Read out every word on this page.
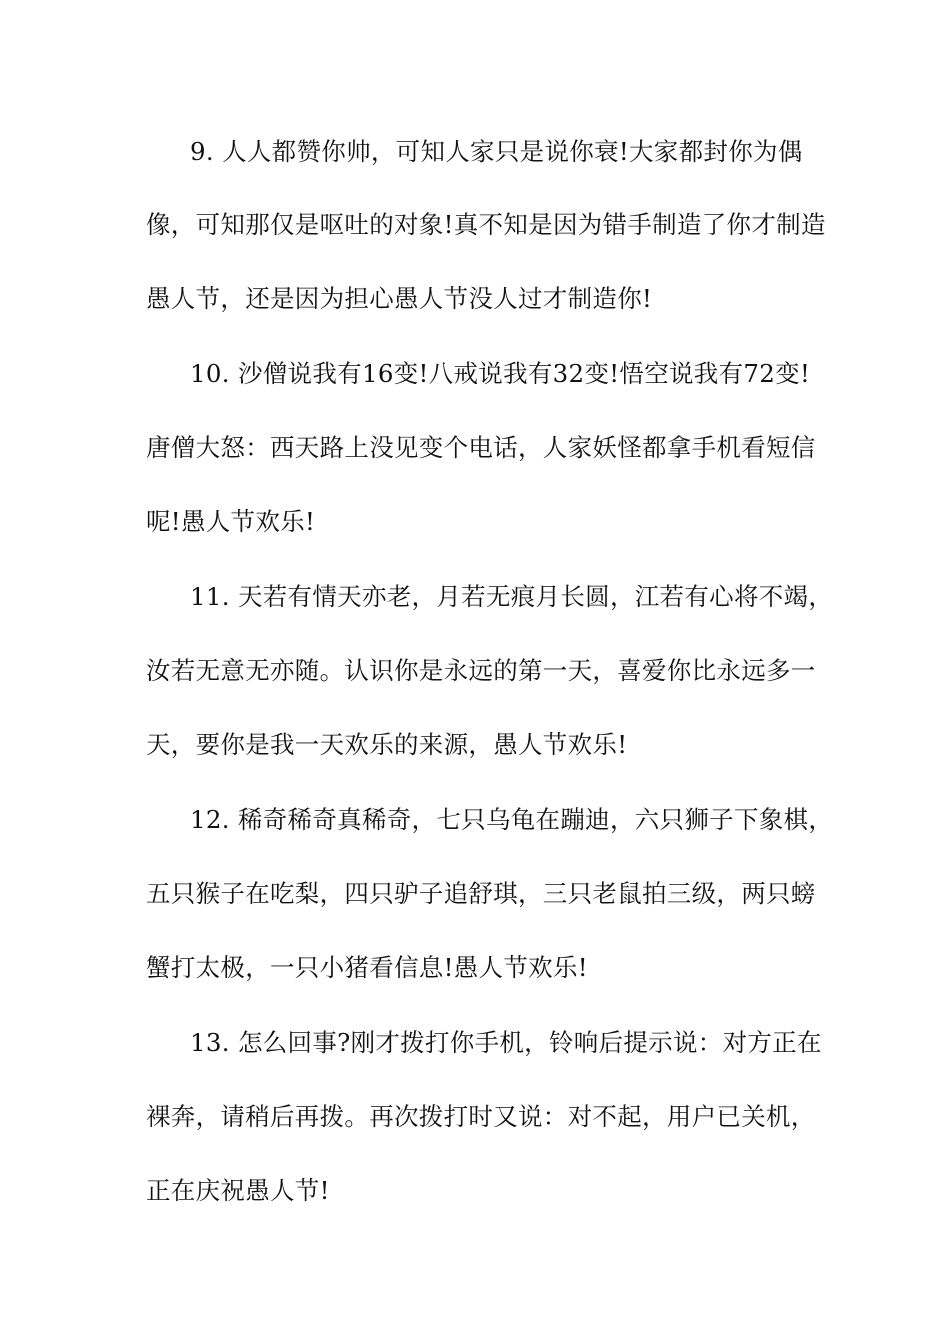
9. 人人都赞你帅，可知人家只是说你衰!大家都封你为偶
像，可知那仅是呕吐的对象!真不知是因为错手制造了你才制造
愚人节，还是因为担心愚人节没人过才制造你!
10. 沙僧说我有16变!八戒说我有32变!悟空说我有72变!
唐僧大怒：西天路上没见变个电话，人家妖怪都拿手机看短信
呢!愚人节欢乐!
11. 天若有情天亦老，月若无痕月长圆，江若有心将不竭，
汝若无意无亦随。认识你是永远的第一天，喜爱你比永远多一
天，要你是我一天欢乐的来源，愚人节欢乐!
12. 稀奇稀奇真稀奇，七只乌龟在蹦迪，六只狮子下象棋，
五只猴子在吃梨，四只驴子追舒琪，三只老鼠拍三级，两只螃
蟹打太极，一只小猪看信息!愚人节欢乐!
13. 怎么回事?刚才拨打你手机，铃响后提示说：对方正在
裸奔，请稍后再拨。再次拨打时又说：对不起，用户已关机，
正在庆祝愚人节!
